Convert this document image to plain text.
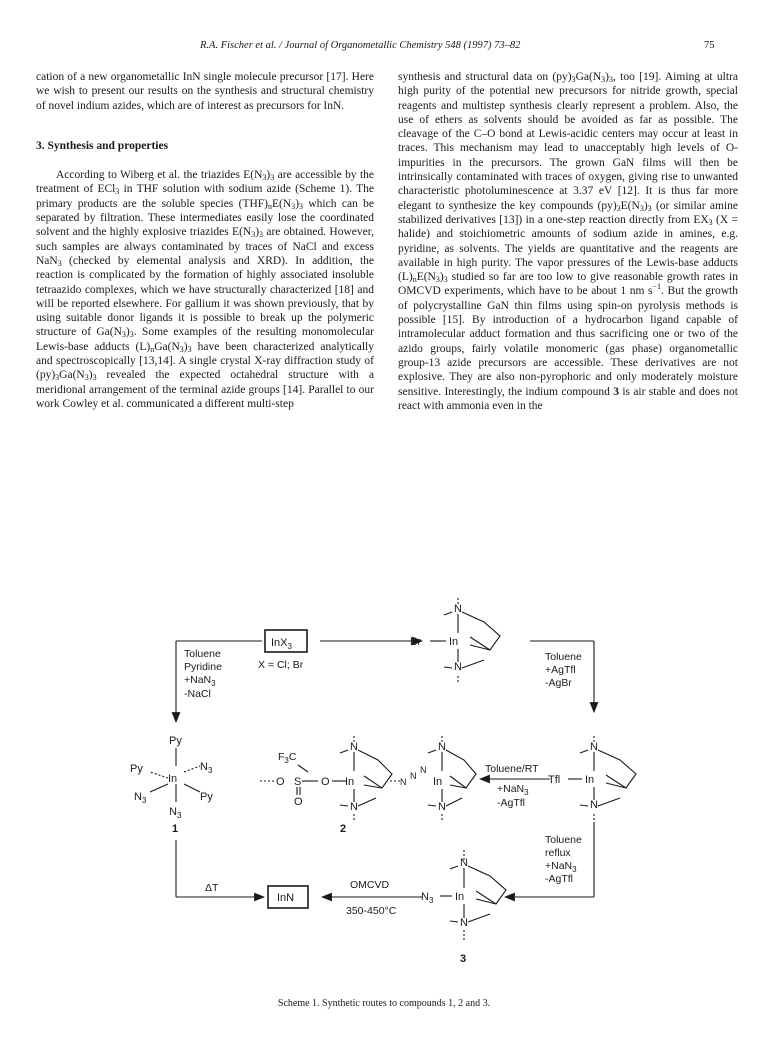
R.A. Fischer et al. / Journal of Organometallic Chemistry 548 (1997) 73–82	75

cation of a new organometallic InN single molecule precursor [17]. Here we wish to present our results on the synthesis and structural chemistry of novel indium azides, which are of interest as precursors for InN.

3. Synthesis and properties

According to Wiberg et al. the triazides $E(N_3)_3$ are accessible by the treatment of ECl$_3$ in THF solution with sodium azide (Scheme 1). The primary products are the soluble species $(THF)_nE(N_3)_3$ which can be separated by filtration. These intermediates easily lose the coordinated solvent and the highly explosive triazides $E(N_3)_3$ are obtained. However, such samples are always contaminated by traces of NaCl and excess NaN$_3$ (checked by elemental analysis and XRD). In addition, the reaction is complicated by the formation of highly associated insoluble tetraazido complexes, which we have structurally characterized [18] and will be reported elsewhere. For gallium it was shown previously, that by using suitable donor ligands it is possible to break up the polymeric structure of $Ga(N_3)_3$. Some examples of the resulting monomolecular Lewis-base adducts $(L)_nGa(N_3)_3$ have been characterized analytically and spectroscopically [13,14]. A single crystal X-ray diffraction study of $(py)_3Ga(N_3)_3$ revealed the expected octahedral structure with a meridional arrangement of the terminal azide groups [14]. Parallel to our work Cowley et al. communicated a different multi-step

synthesis and structural data on $(py)_3Ga(N_3)_3$, too [19]. Aiming at ultra high purity of the potential new precursors for nitride growth, special reagents and multistep synthesis clearly represent a problem. Also, the use of ethers as solvents should be avoided as far as possible. The cleavage of the C–O bond at Lewis-acidic centers may occur at least in traces. This mechanism may lead to unacceptably high levels of O-impurities in the precursors. The grown GaN films will then be intrinsically contaminated with traces of oxygen, giving rise to unwanted characteristic photoluminescence at 3.37 eV [12]. It is thus far more elegant to synthesize the key compounds $(py)_3E(N_3)_3$ (or similar amine stabilized derivatives [13]) in a one-step reaction directly from $EX_3$ (X = halide) and stoichiometric amounts of sodium azide in amines, e.g. pyridine, as solvents. The yields are quantitative and the reagents are available in high purity. The vapor pressures of the Lewis-base adducts $(L)_nE(N_3)_3$ studied so far are too low to give reasonable growth rates in OMCVD experiments, which have to be about 1 nm $s^{-1}$. But the growth of polycrystalline GaN thin films using spin-on pyrolysis methods is possible [15]. By introduction of a hydrocarbon ligand capable of intramolecular adduct formation and thus sacrificing one or two of the azido groups, fairly volatile monomeric (gas phase) organometallic group-13 azide precursors are accessible. These derivatives are not explosive. They are also non-pyrophoric and only moderately moisture sensitive. Interestingly, the indium compound 3 is air stable and does not react with ammonia even in the

InX$_3$
X = Cl; Br
Toluene
Pyridine
+NaN$_3$
-NaCl
Toluene
+AgTfl
-AgBr
Toluene/RT
+NaN$_3$
-AgTfl
Toluene
reflux
+NaN$_3$
-AgTfl
OMCVD
350-450°C
ΔT
InN
Br	In
N
N
Tfl In
N
N
Py
In
Py	$N_3$
$N_3$	Py
$N_3$
$F_3C$
O S O
O
In
N
N
N
N
N
In
N
N
$N_3$ In
N
N
1	2
3
Scheme 1. Synthetic routes to compounds 1, 2 and 3.
